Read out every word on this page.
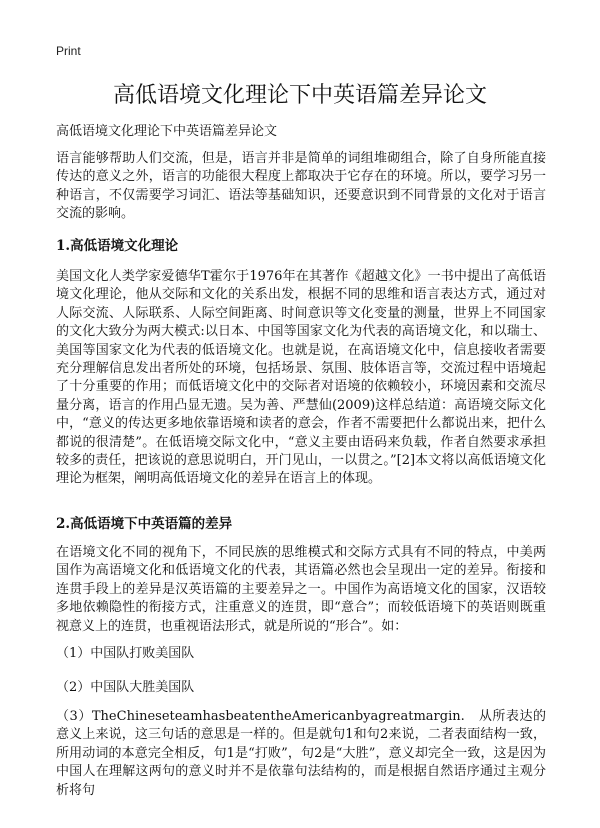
Print
高低语境文化理论下中英语篇差异论文

高低语境文化理论下中英语篇差异论文

语言能够帮助人们交流，但是，语言并非是简单的词组堆砌组合，除了自身所能直接传达的意义之外，语言的功能很大程度上都取决于它存在的环境。所以，要学习另一种语言，不仅需要学习词汇、语法等基础知识，还要意识到不同背景的文化对于语言交流的影响。

1.高低语境文化理论

美国文化人类学家爱德华T霍尔于1976年在其著作《超越文化》一书中提出了高低语境文化理论，他从交际和文化的关系出发，根据不同的思维和语言表达方式，通过对人际交流、人际联系、人际空间距离、时间意识等文化变量的测量，世界上不同国家的文化大致分为两大模式:以日本、中国等国家文化为代表的高语境文化，和以瑞士、美国等国家文化为代表的低语境文化。也就是说，在高语境文化中，信息接收者需要充分理解信息发出者所处的环境，包括场景、氛围、肢体语言等，交流过程中语境起了十分重要的作用；而低语境文化中的交际者对语境的依赖较小，环境因素和交流尽量分离，语言的作用凸显无遗。吴为善、严慧仙(2009)这样总结道：高语境交际文化中，“意义的传达更多地依靠语境和读者的意会，作者不需要把什么都说出来，把什么都说的很清楚”。在低语境交际文化中，“意义主要由语码来负载，作者自然要求承担较多的责任，把该说的意思说明白，开门见山，一以贯之。”[2]本文将以高低语境文化理论为框架，阐明高低语境文化的差异在语言上的体现。

2.高低语境下中英语篇的差异

在语境文化不同的视角下，不同民族的思维模式和交际方式具有不同的特点，中美两国作为高语境文化和低语境文化的代表，其语篇必然也会呈现出一定的差异。衔接和连贯手段上的差异是汉英语篇的主要差异之一。中国作为高语境文化的国家，汉语较多地依赖隐性的衔接方式，注重意义的连贯，即“意合”；而较低语境下的英语则既重视意义上的连贯，也重视语法形式，就是所说的“形合”。如：

（1）中国队打败美国队

（2）中国队大胜美国队

（3）TheChineseteamhasbeatentheAmericanbyagreatmargin.　从所表达的意义上来说，这三句话的意思是一样的。但是就句1和句2来说，二者表面结构一致，所用动词的本意完全相反，句1是“打败”，句2是“大胜”，意义却完全一致，这是因为中国人在理解这两句的意义时并不是依靠句法结构的，而是根据自然语序通过主观分析将句
